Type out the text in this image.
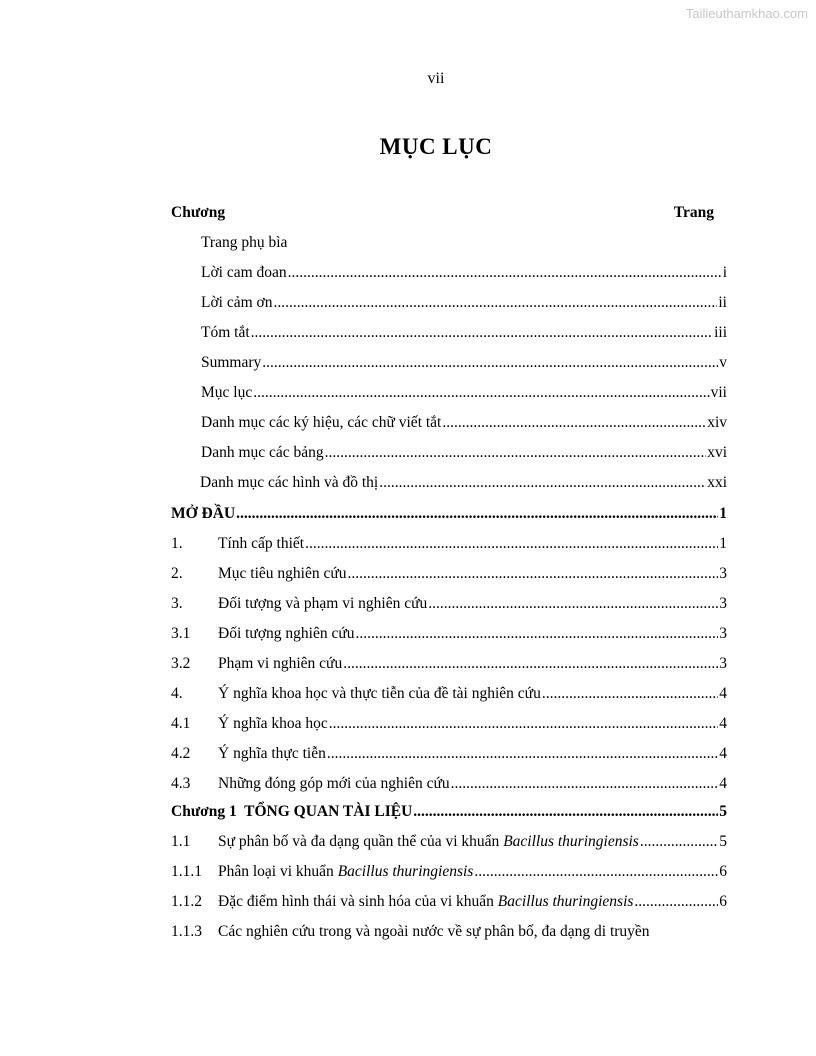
Tailieuthamkhao.com
vii
MỤC LỤC
Chương	Trang
Trang phụ bìa
Lời cam đoan .....	i
Lời cảm ơn .....	ii
Tóm tắt .....	iii
Summary .....	v
Mục lục .....	vii
Danh mục các ký hiệu, các chữ viết tắt .....	xiv
Danh mục các bảng .....	xvi
Danh mục các hình và đồ thị .....	xxi
MỞ ĐẦU .....	1
1.	Tính cấp thiết .....	1
2.	Mục tiêu nghiên cứu .....	3
3.	Đối tượng và phạm vi nghiên cứu .....	3
3.1	Đối tượng nghiên cứu .....	3
3.2	Phạm vi nghiên cứu .....	3
4.	Ý nghĩa khoa học và thực tiễn của đề tài nghiên cứu .....	4
4.1	Ý nghĩa khoa học .....	4
4.2	Ý nghĩa thực tiễn .....	4
4.3	Những đóng góp mới của nghiên cứu .....	4
Chương 1  TỔNG QUAN TÀI LIỆU .....	5
1.1	Sự phân bố và đa dạng quần thể của vi khuẩn Bacillus thuringiensis .....	5
1.1.1	Phân loại vi khuẩn Bacillus thuringiensis .....	6
1.1.2	Đặc điểm hình thái và sinh hóa của vi khuẩn Bacillus thuringiensis .....	6
1.1.3	Các nghiên cứu trong và ngoài nước về sự phân bố, đa dạng di truyền
